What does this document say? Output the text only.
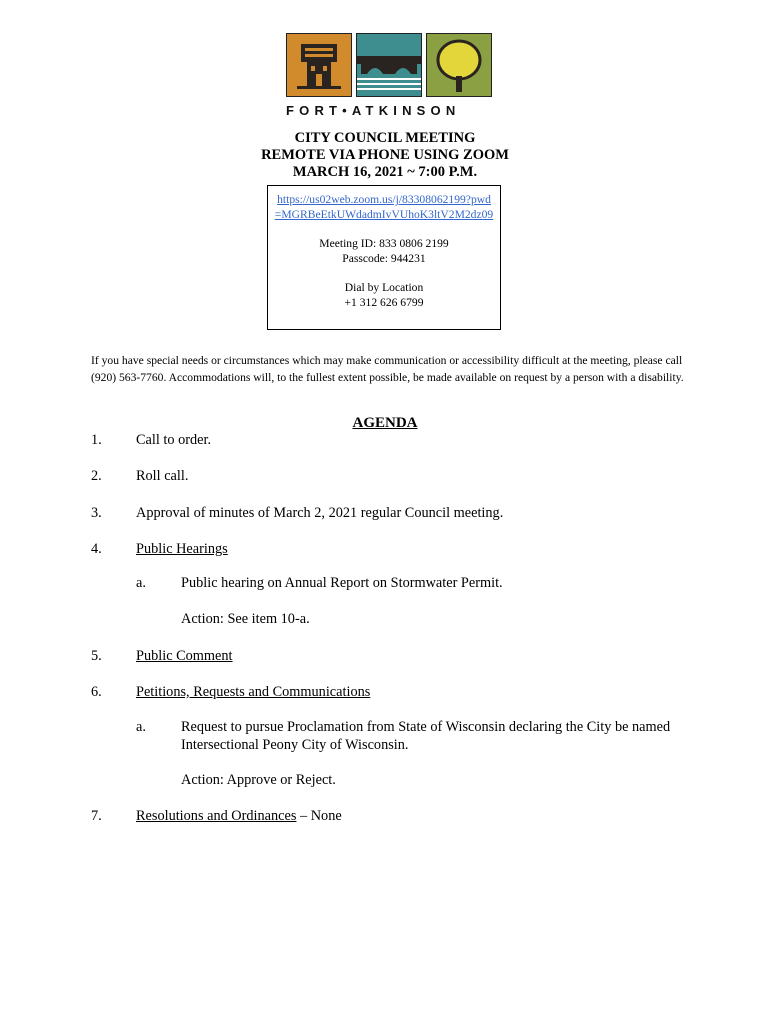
FORT•ATKINSON
CITY COUNCIL MEETING
REMOTE VIA PHONE USING ZOOM
MARCH 16, 2021 ~ 7:00 P.M.
https://us02web.zoom.us/j/83308062199?pwd=MGRBeEtkUWdadmIvVUhoK3ltV2M2dz09
Meeting ID: 833 0806 2199
Passcode: 944231
Dial by Location
+1 312 626 6799
If you have special needs or circumstances which may make communication or accessibility difficult at the meeting, please call (920) 563-7760. Accommodations will, to the fullest extent possible, be made available on request by a person with a disability.
AGENDA
1. Call to order.
2. Roll call.
3. Approval of minutes of March 2, 2021 regular Council meeting.
4. Public Hearings
a. Public hearing on Annual Report on Stormwater Permit.
Action: See item 10-a.
5. Public Comment
6. Petitions, Requests and Communications
a. Request to pursue Proclamation from State of Wisconsin declaring the City be named Intersectional Peony City of Wisconsin.
Action: Approve or Reject.
7. Resolutions and Ordinances – None
